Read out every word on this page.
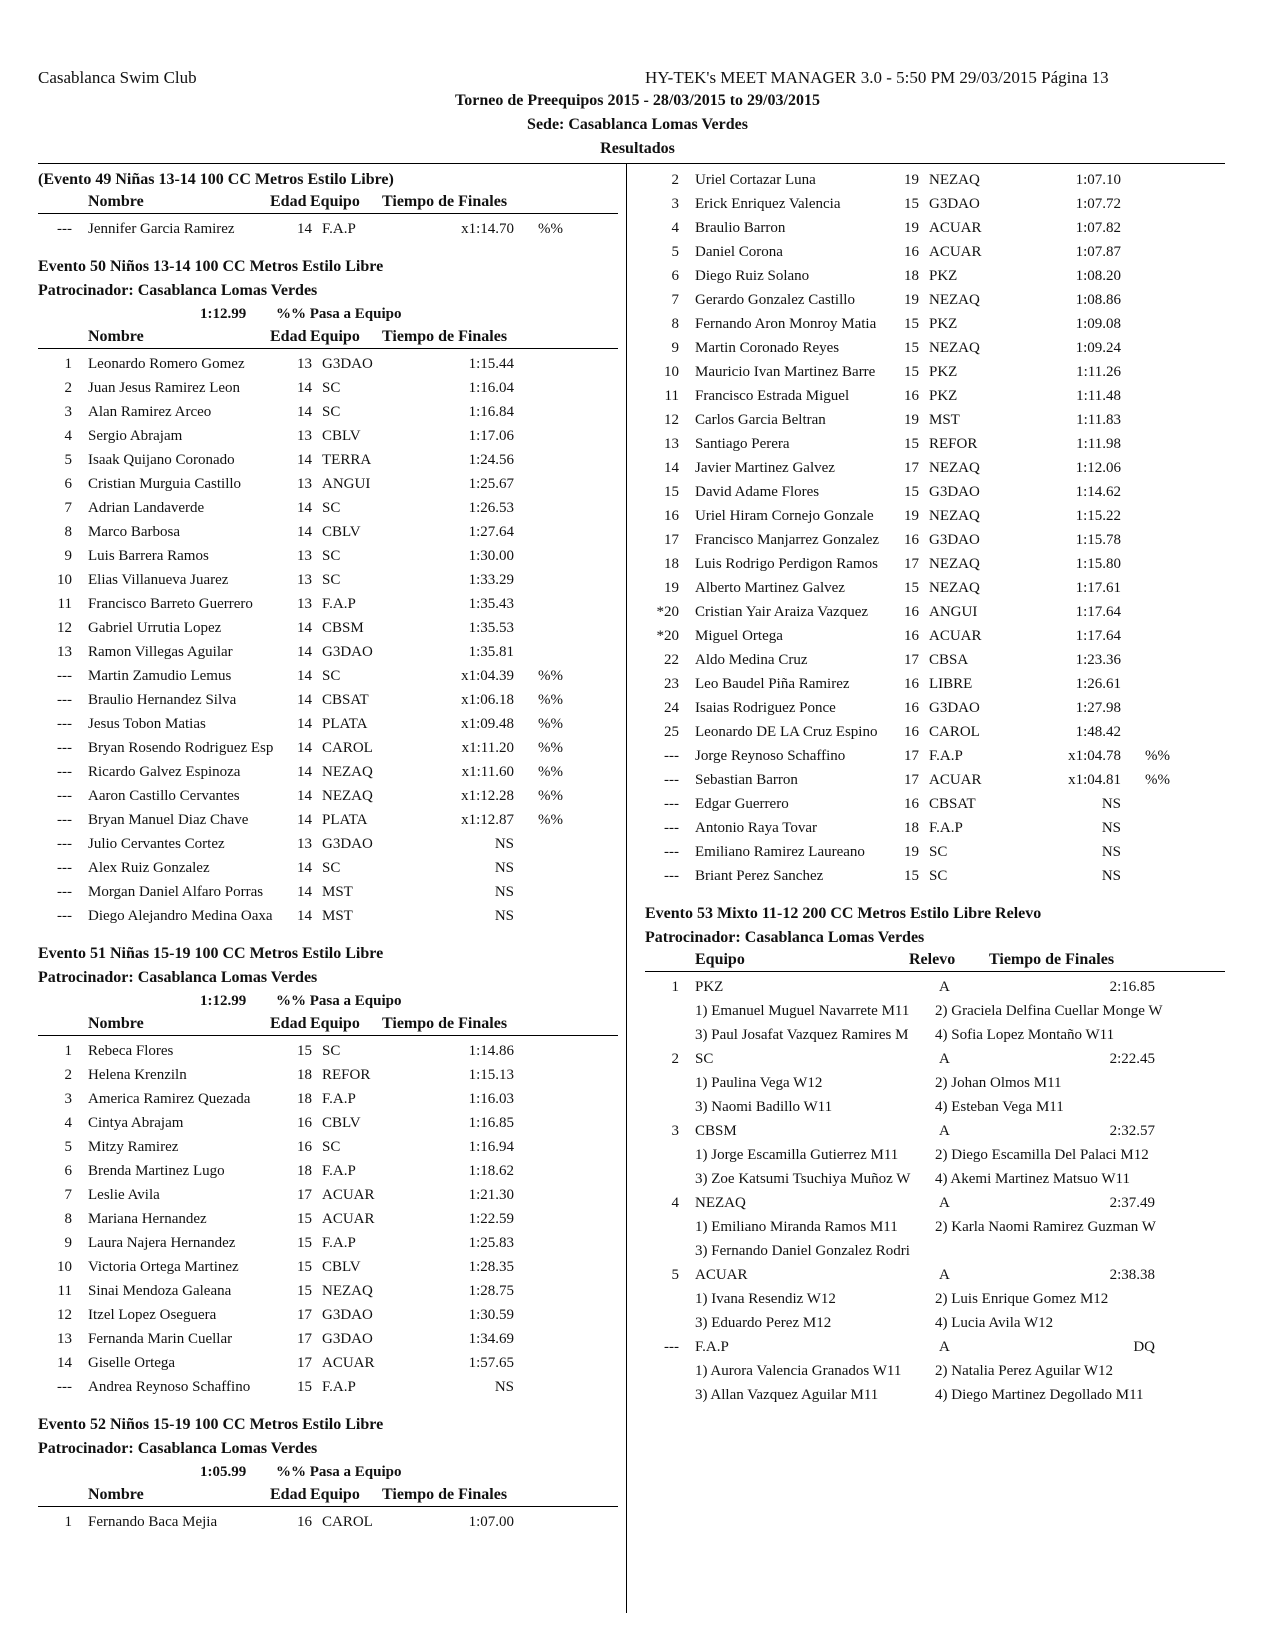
Casablanca Swim Club	HY-TEK's MEET MANAGER 3.0 - 5:50 PM 29/03/2015 Página 13
Torneo de Preequipos 2015 - 28/03/2015 to 29/03/2015
Sede: Casablanca Lomas Verdes
Resultados
(Evento 49 Niñas 13-14 100 CC Metros Estilo Libre)
Nombre	Edad Equipo Tiempo de Finales
--- Jennifer Garcia Ramirez	14 F.A.P	x1:14.70 %%
Evento 50 Niños 13-14 100 CC Metros Estilo Libre
Patrocinador: Casablanca Lomas Verdes
1:12.99 %% Pasa a Equipo
Nombre	Edad Equipo Tiempo de Finales
1 Leonardo Romero Gomez	13 G3DAO	1:15.44
2 Juan Jesus Ramirez Leon	14 SC	1:16.04
3 Alan Ramirez Arceo	14 SC	1:16.84
4 Sergio Abrajam	13 CBLV	1:17.06
5 Isaak Quijano Coronado	14 TERRA	1:24.56
6 Cristian Murguia Castillo	13 ANGUI	1:25.67
7 Adrian Landaverde	14 SC	1:26.53
8 Marco Barbosa	14 CBLV	1:27.64
9 Luis Barrera Ramos	13 SC	1:30.00
10 Elias Villanueva Juarez	13 SC	1:33.29
11 Francisco Barreto Guerrero	13 F.A.P	1:35.43
12 Gabriel Urrutia Lopez	14 CBSM	1:35.53
13 Ramon Villegas Aguilar	14 G3DAO	1:35.81
--- Martin Zamudio Lemus	14 SC	x1:04.39 %%
--- Braulio Hernandez Silva	14 CBSAT	x1:06.18 %%
--- Jesus Tobon Matias	14 PLATA	x1:09.48 %%
--- Bryan Rosendo Rodriguez Esp	14 CAROL	x1:11.20 %%
--- Ricardo Galvez Espinoza	14 NEZAQ	x1:11.60 %%
--- Aaron Castillo Cervantes	14 NEZAQ	x1:12.28 %%
--- Bryan Manuel Diaz Chave	14 PLATA	x1:12.87 %%
--- Julio Cervantes Cortez	13 G3DAO	NS
--- Alex Ruiz Gonzalez	14 SC	NS
--- Morgan Daniel Alfaro Porras	14 MST	NS
--- Diego Alejandro Medina Oaxa	14 MST	NS
Evento 51 Niñas 15-19 100 CC Metros Estilo Libre
Patrocinador: Casablanca Lomas Verdes
1:12.99 %% Pasa a Equipo
Nombre	Edad Equipo Tiempo de Finales
1 Rebeca Flores	15 SC	1:14.86
2 Helena Krenziln	18 REFOR	1:15.13
3 America Ramirez Quezada	18 F.A.P	1:16.03
4 Cintya Abrajam	16 CBLV	1:16.85
5 Mitzy Ramirez	16 SC	1:16.94
6 Brenda Martinez Lugo	18 F.A.P	1:18.62
7 Leslie Avila	17 ACUAR	1:21.30
8 Mariana Hernandez	15 ACUAR	1:22.59
9 Laura Najera Hernandez	15 F.A.P	1:25.83
10 Victoria Ortega Martinez	15 CBLV	1:28.35
11 Sinai Mendoza Galeana	15 NEZAQ	1:28.75
12 Itzel Lopez Oseguera	17 G3DAO	1:30.59
13 Fernanda Marin Cuellar	17 G3DAO	1:34.69
14 Giselle Ortega	17 ACUAR	1:57.65
--- Andrea Reynoso Schaffino	15 F.A.P	NS
Evento 52 Niños 15-19 100 CC Metros Estilo Libre
Patrocinador: Casablanca Lomas Verdes
1:05.99 %% Pasa a Equipo
Nombre	Edad Equipo Tiempo de Finales
1 Fernando Baca Mejia	16 CAROL	1:07.00
2 Uriel Cortazar Luna	19 NEZAQ	1:07.10
3 Erick Enriquez Valencia	15 G3DAO	1:07.72
4 Braulio Barron	19 ACUAR	1:07.82
5 Daniel Corona	16 ACUAR	1:07.87
6 Diego Ruiz Solano	18 PKZ	1:08.20
7 Gerardo Gonzalez Castillo	19 NEZAQ	1:08.86
8 Fernando Aron Monroy Matia	15 PKZ	1:09.08
9 Martin Coronado Reyes	15 NEZAQ	1:09.24
10 Mauricio Ivan Martinez Barre	15 PKZ	1:11.26
11 Francisco Estrada Miguel	16 PKZ	1:11.48
12 Carlos Garcia Beltran	19 MST	1:11.83
13 Santiago Perera	15 REFOR	1:11.98
14 Javier Martinez Galvez	17 NEZAQ	1:12.06
15 David Adame Flores	15 G3DAO	1:14.62
16 Uriel Hiram Cornejo Gonzale	19 NEZAQ	1:15.22
17 Francisco Manjarrez Gonzalez	16 G3DAO	1:15.78
18 Luis Rodrigo Perdigon Ramos	17 NEZAQ	1:15.80
19 Alberto Martinez Galvez	15 NEZAQ	1:17.61
*20 Cristian Yair Araiza Vazquez	16 ANGUI	1:17.64
*20 Miguel Ortega	16 ACUAR	1:17.64
22 Aldo Medina Cruz	17 CBSA	1:23.36
23 Leo Baudel Piña Ramirez	16 LIBRE	1:26.61
24 Isaias Rodriguez Ponce	16 G3DAO	1:27.98
25 Leonardo DE LA Cruz Espino	16 CAROL	1:48.42
--- Jorge Reynoso Schaffino	17 F.A.P	x1:04.78 %%
--- Sebastian Barron	17 ACUAR	x1:04.81 %%
--- Edgar Guerrero	16 CBSAT	NS
--- Antonio Raya Tovar	18 F.A.P	NS
--- Emiliano Ramirez Laureano	19 SC	NS
--- Briant Perez Sanchez	15 SC	NS
Evento 53 Mixto 11-12 200 CC Metros Estilo Libre Relevo
Patrocinador: Casablanca Lomas Verdes
Equipo	Relevo Tiempo de Finales
1 PKZ	A	2:16.85
1) Emanuel Muguel Navarrete M11	2) Graciela Delfina Cuellar Monge W
3) Paul Josafat Vazquez Ramires M	4) Sofia Lopez Montaño W11
2 SC	A	2:22.45
1) Paulina Vega W12	2) Johan Olmos M11
3) Naomi Badillo W11	4) Esteban Vega M11
3 CBSM	A	2:32.57
1) Jorge Escamilla Gutierrez M11	2) Diego Escamilla Del Palaci M12
3) Zoe Katsumi Tsuchiya Muñoz W	4) Akemi Martinez Matsuo W11
4 NEZAQ	A	2:37.49
1) Emiliano Miranda Ramos M11	2) Karla Naomi Ramirez Guzman W
3) Fernando Daniel Gonzalez Rodri
5 ACUAR	A	2:38.38
1) Ivana Resendiz W12	2) Luis Enrique Gomez M12
3) Eduardo Perez M12	4) Lucia Avila W12
--- F.A.P	A	DQ
1) Aurora Valencia Granados W11	2) Natalia Perez Aguilar W12
3) Allan Vazquez Aguilar M11	4) Diego Martinez Degollado M11
